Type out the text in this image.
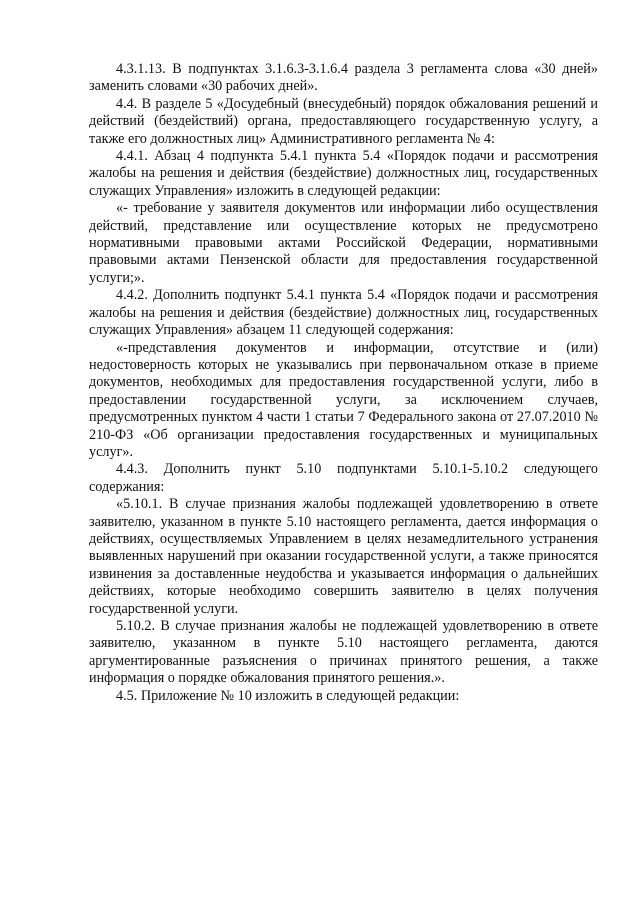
4.3.1.13. В подпунктах 3.1.6.3-3.1.6.4 раздела 3 регламента слова «30 дней» заменить словами «30 рабочих дней».

4.4. В разделе 5 «Досудебный (внесудебный) порядок обжалования решений и действий (бездействий) органа, предоставляющего государственную услугу, а также его должностных лиц» Административного регламента № 4:

4.4.1. Абзац 4 подпункта 5.4.1 пункта 5.4 «Порядок подачи и рассмотрения жалобы на решения и действия (бездействие) должностных лиц, государственных служащих Управления» изложить в следующей редакции:

«- требование у заявителя документов или информации либо осуществления действий, представление или осуществление которых не предусмотрено нормативными правовыми актами Российской Федерации, нормативными правовыми актами Пензенской области для предоставления государственной услуги;».

4.4.2. Дополнить подпункт 5.4.1 пункта 5.4 «Порядок подачи и рассмотрения жалобы на решения и действия (бездействие) должностных лиц, государственных служащих Управления» абзацем 11 следующей содержания:

«-представления документов и информации, отсутствие и (или) недостоверность которых не указывались при первоначальном отказе в приеме документов, необходимых для предоставления государственной услуги, либо в предоставлении государственной услуги, за исключением случаев, предусмотренных пунктом 4 части 1 статьи 7 Федерального закона от 27.07.2010 № 210-ФЗ «Об организации предоставления государственных и муниципальных услуг».

4.4.3. Дополнить пункт 5.10 подпунктами 5.10.1-5.10.2 следующего содержания:

«5.10.1. В случае признания жалобы подлежащей удовлетворению в ответе заявителю, указанном в пункте 5.10 настоящего регламента, дается информация о действиях, осуществляемых Управлением в целях незамедлительного устранения выявленных нарушений при оказании государственной услуги, а также приносятся извинения за доставленные неудобства и указывается информация о дальнейших действиях, которые необходимо совершить заявителю в целях получения государственной услуги.

5.10.2. В случае признания жалобы не подлежащей удовлетворению в ответе заявителю, указанном в пункте 5.10 настоящего регламента, даются аргументированные разъяснения о причинах принятого решения, а также информация о порядке обжалования принятого решения.».

4.5. Приложение № 10 изложить в следующей редакции:
